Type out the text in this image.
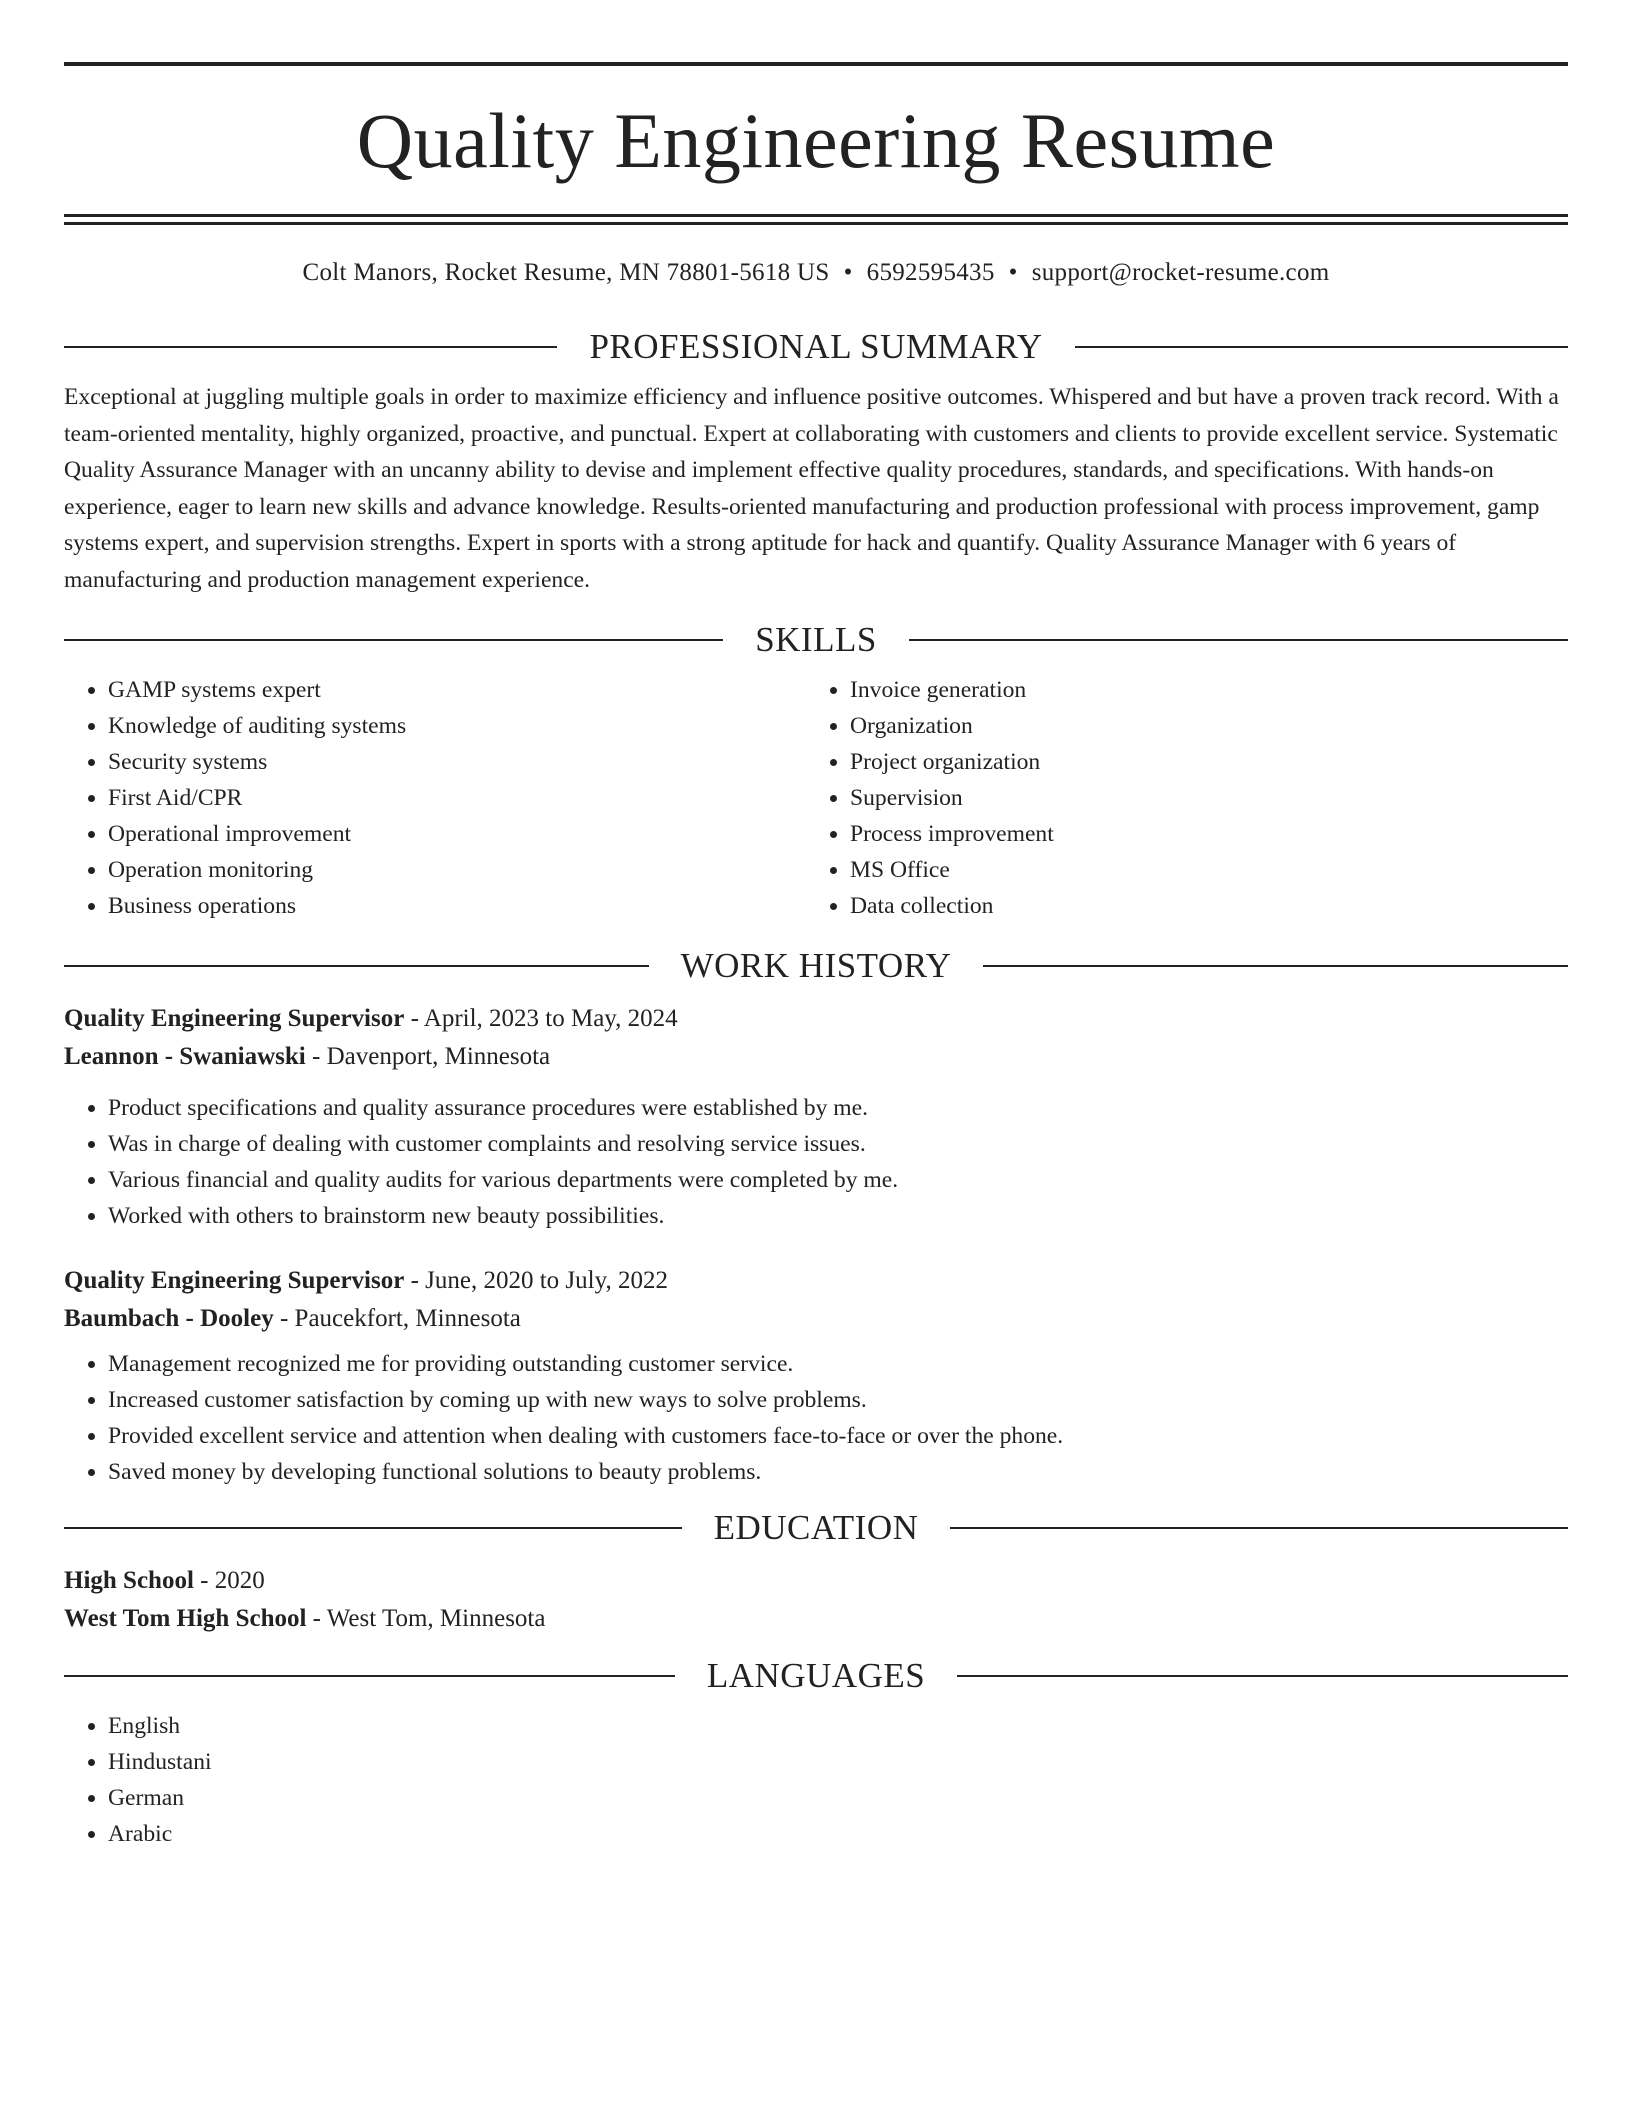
Quality Engineering Resume
Colt Manors, Rocket Resume, MN 78801-5618 US • 6592595435 • support@rocket-resume.com
PROFESSIONAL SUMMARY

Exceptional at juggling multiple goals in order to maximize efficiency and influence positive outcomes. Whispered and but have a proven track record. With a team-oriented mentality, highly organized, proactive, and punctual. Expert at collaborating with customers and clients to provide excellent service. Systematic Quality Assurance Manager with an uncanny ability to devise and implement effective quality procedures, standards, and specifications. With hands-on experience, eager to learn new skills and advance knowledge. Results-oriented manufacturing and production professional with process improvement, gamp systems expert, and supervision strengths. Expert in sports with a strong aptitude for hack and quantify. Quality Assurance Manager with 6 years of manufacturing and production management experience.

SKILLS
• GAMP systems expert
• Knowledge of auditing systems
• Security systems
• First Aid/CPR
• Operational improvement
• Operation monitoring
• Business operations
• Invoice generation
• Organization
• Project organization
• Supervision
• Process improvement
• MS Office
• Data collection
WORK HISTORY
Quality Engineering Supervisor - April, 2023 to May, 2024
Leannon - Swaniawski - Davenport, Minnesota
• Product specifications and quality assurance procedures were established by me.
• Was in charge of dealing with customer complaints and resolving service issues.
• Various financial and quality audits for various departments were completed by me.
• Worked with others to brainstorm new beauty possibilities.
Quality Engineering Supervisor - June, 2020 to July, 2022
Baumbach - Dooley - Paucekfort, Minnesota
• Management recognized me for providing outstanding customer service.
• Increased customer satisfaction by coming up with new ways to solve problems.
• Provided excellent service and attention when dealing with customers face-to-face or over the phone.
• Saved money by developing functional solutions to beauty problems.
EDUCATION
High School - 2020
West Tom High School - West Tom, Minnesota
LANGUAGES
• English
• Hindustani
• German
• Arabic
